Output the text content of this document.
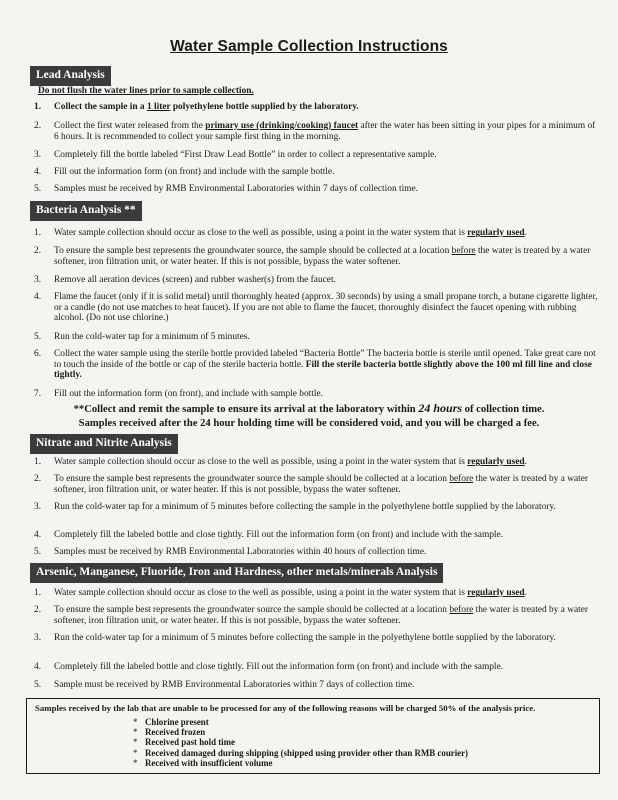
Water Sample Collection Instructions
Lead Analysis
Do not flush the water lines prior to sample collection.
1. Collect the sample in a 1 liter polyethylene bottle supplied by the laboratory.
2. Collect the first water released from the primary use (drinking/cooking) faucet after the water has been sitting in your pipes for a minimum of 6 hours. It is recommended to collect your sample first thing in the morning.
3. Completely fill the bottle labeled “First Draw Lead Bottle” in order to collect a representative sample.
4. Fill out the information form (on front) and include with the sample bottle.
5. Samples must be received by RMB Environmental Laboratories within 7 days of collection time.
Bacteria Analysis **
1. Water sample collection should occur as close to the well as possible, using a point in the water system that is regularly used.
2. To ensure the sample best represents the groundwater source, the sample should be collected at a location before the water is treated by a water softener, iron filtration unit, or water heater. If this is not possible, bypass the water softener.
3. Remove all aeration devices (screen) and rubber washer(s) from the faucet.
4. Flame the faucet (only if it is solid metal) until thoroughly heated (approx. 30 seconds) by using a small propane torch, a butane cigarette lighter, or a candle (do not use matches to heat faucet). If you are not able to flame the faucet, thoroughly disinfect the faucet opening with rubbing alcohol. (Do not use chlorine.)
5. Run the cold-water tap for a minimum of 5 minutes.
6. Collect the water sample using the sterile bottle provided labeled “Bacteria Bottle” The bacteria bottle is sterile until opened. Take great care not to touch the inside of the bottle or cap of the sterile bacteria bottle. Fill the sterile bacteria bottle slightly above the 100 ml fill line and close tightly.
7. Fill out the information form (on front), and include with sample bottle.
**Collect and remit the sample to ensure its arrival at the laboratory within 24 hours of collection time.
Samples received after the 24 hour holding time will be considered void, and you will be charged a fee.
Nitrate and Nitrite Analysis
1. Water sample collection should occur as close to the well as possible, using a point in the water system that is regularly used.
2. To ensure the sample best represents the groundwater source the sample should be collected at a location before the water is treated by a water softener, iron filtration unit, or water heater. If this is not possible, bypass the water softener.
3. Run the cold-water tap for a minimum of 5 minutes before collecting the sample in the polyethylene bottle supplied by the laboratory.
4. Completely fill the labeled bottle and close tightly. Fill out the information form (on front) and include with the sample.
5. Samples must be received by RMB Environmental Laboratories within 40 hours of collection time.
Arsenic, Manganese, Fluoride, Iron and Hardness, other metals/minerals Analysis
1. Water sample collection should occur as close to the well as possible, using a point in the water system that is regularly used.
2. To ensure the sample best represents the groundwater source the sample should be collected at a location before the water is treated by a water softener, iron filtration unit, or water heater. If this is not possible, bypass the water softener.
3. Run the cold-water tap for a minimum of 5 minutes before collecting the sample in the polyethylene bottle supplied by the laboratory.
4. Completely fill the labeled bottle and close tightly. Fill out the information form (on front) and include with the sample.
5. Sample must be received by RMB Environmental Laboratories within 7 days of collection time.
Samples received by the lab that are unable to be processed for any of the following reasons will be charged 50% of the analysis price.
* Chlorine present
* Received frozen
* Received past hold time
* Received damaged during shipping (shipped using provider other than RMB courier)
* Received with insufficient volume
